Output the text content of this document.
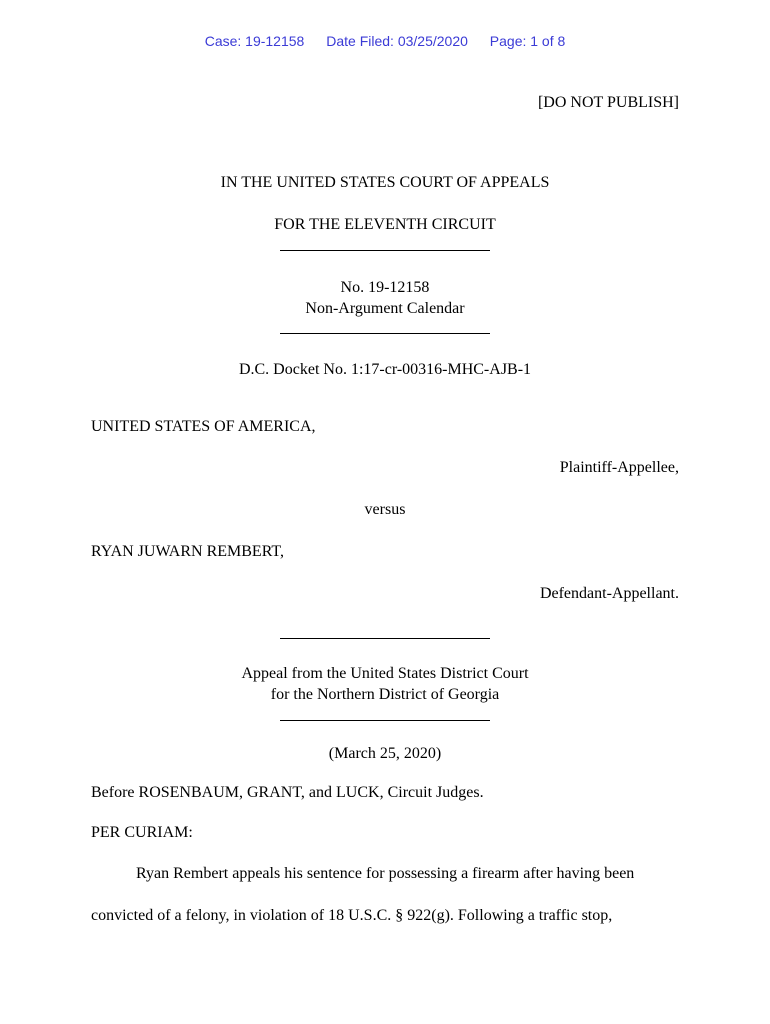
Case: 19-12158 Date Filed: 03/25/2020 Page: 1 of 8
[DO NOT PUBLISH]
IN THE UNITED STATES COURT OF APPEALS
FOR THE ELEVENTH CIRCUIT
No. 19-12158
Non-Argument Calendar
D.C. Docket No. 1:17-cr-00316-MHC-AJB-1
UNITED STATES OF AMERICA,
Plaintiff-Appellee,
versus
RYAN JUWARN REMBERT,
Defendant-Appellant.
Appeal from the United States District Court
for the Northern District of Georgia
(March 25, 2020)
Before ROSENBAUM, GRANT, and LUCK, Circuit Judges.
PER CURIAM:
Ryan Rembert appeals his sentence for possessing a firearm after having been
convicted of a felony, in violation of 18 U.S.C. § 922(g). Following a traffic stop,
